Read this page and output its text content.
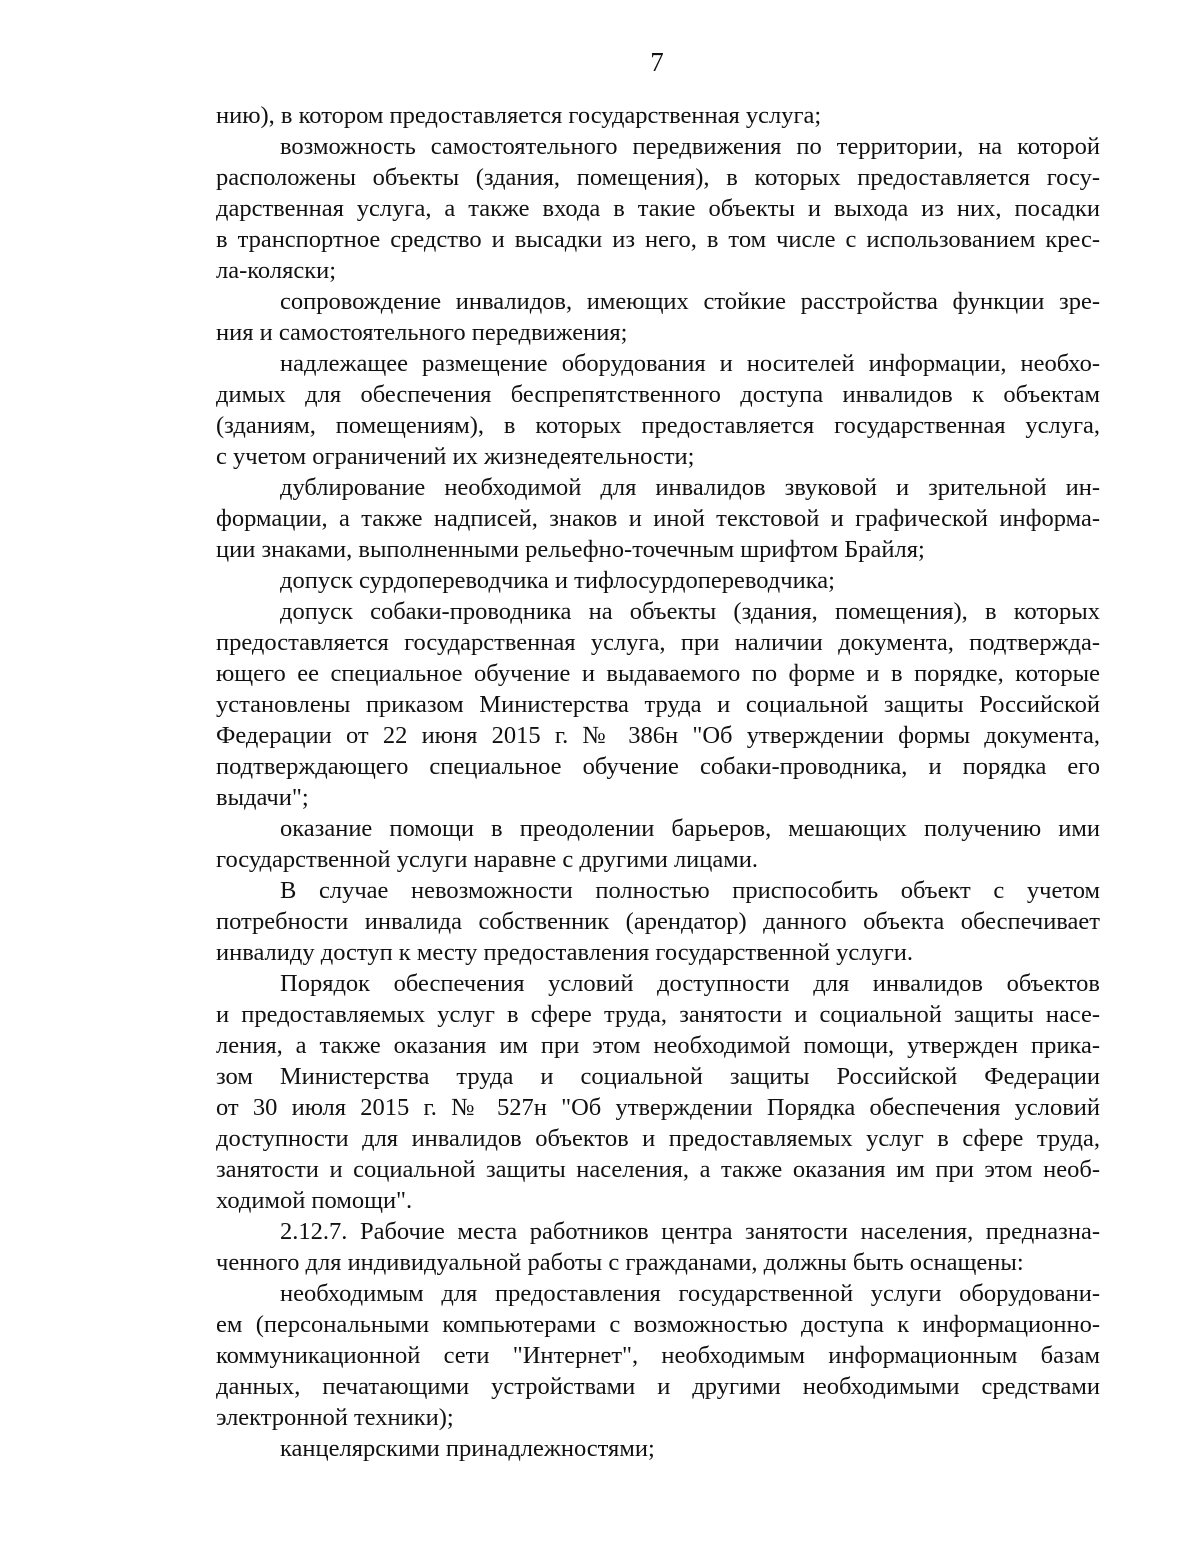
7
нию), в котором предоставляется государственная услуга;
возможность самостоятельного передвижения по территории, на которой
расположены объекты (здания, помещения), в которых предоставляется госу-
дарственная услуга, а также входа в такие объекты и выхода из них, посадки
в транспортное средство и высадки из него, в том числе с использованием крес-
ла-коляски;
сопровождение инвалидов, имеющих стойкие расстройства функции зре-
ния и самостоятельного передвижения;
надлежащее размещение оборудования и носителей информации, необхо-
димых для обеспечения беспрепятственного доступа инвалидов к объектам
(зданиям, помещениям), в которых предоставляется государственная услуга,
с учетом ограничений их жизнедеятельности;
дублирование необходимой для инвалидов звуковой и зрительной ин-
формации, а также надписей, знаков и иной текстовой и графической информа-
ции знаками, выполненными рельефно-точечным шрифтом Брайля;
допуск сурдопереводчика и тифлосурдопереводчика;
допуск собаки-проводника на объекты (здания, помещения), в которых
предоставляется государственная услуга, при наличии документа, подтвержда-
ющего ее специальное обучение и выдаваемого по форме и в порядке, которые
установлены приказом Министерства труда и социальной защиты Российской
Федерации от 22 июня 2015 г. № 386н "Об утверждении формы документа,
подтверждающего специальное обучение собаки-проводника, и порядка его
выдачи";
оказание помощи в преодолении барьеров, мешающих получению ими
государственной услуги наравне с другими лицами.
В случае невозможности полностью приспособить объект с учетом
потребности инвалида собственник (арендатор) данного объекта обеспечивает
инвалиду доступ к месту предоставления государственной услуги.
Порядок обеспечения условий доступности для инвалидов объектов
и предоставляемых услуг в сфере труда, занятости и социальной защиты насе-
ления, а также оказания им при этом необходимой помощи, утвержден прика-
зом Министерства труда и социальной защиты Российской Федерации
от 30 июля 2015 г. № 527н "Об утверждении Порядка обеспечения условий
доступности для инвалидов объектов и предоставляемых услуг в сфере труда,
занятости и социальной защиты населения, а также оказания им при этом необ-
ходимой помощи".
2.12.7. Рабочие места работников центра занятости населения, предназна-
ченного для индивидуальной работы с гражданами, должны быть оснащены:
необходимым для предоставления государственной услуги оборудовани-
ем (персональными компьютерами с возможностью доступа к информационно-
коммуникационной сети "Интернет", необходимым информационным базам
данных, печатающими устройствами и другими необходимыми средствами
электронной техники);
канцелярскими принадлежностями;
